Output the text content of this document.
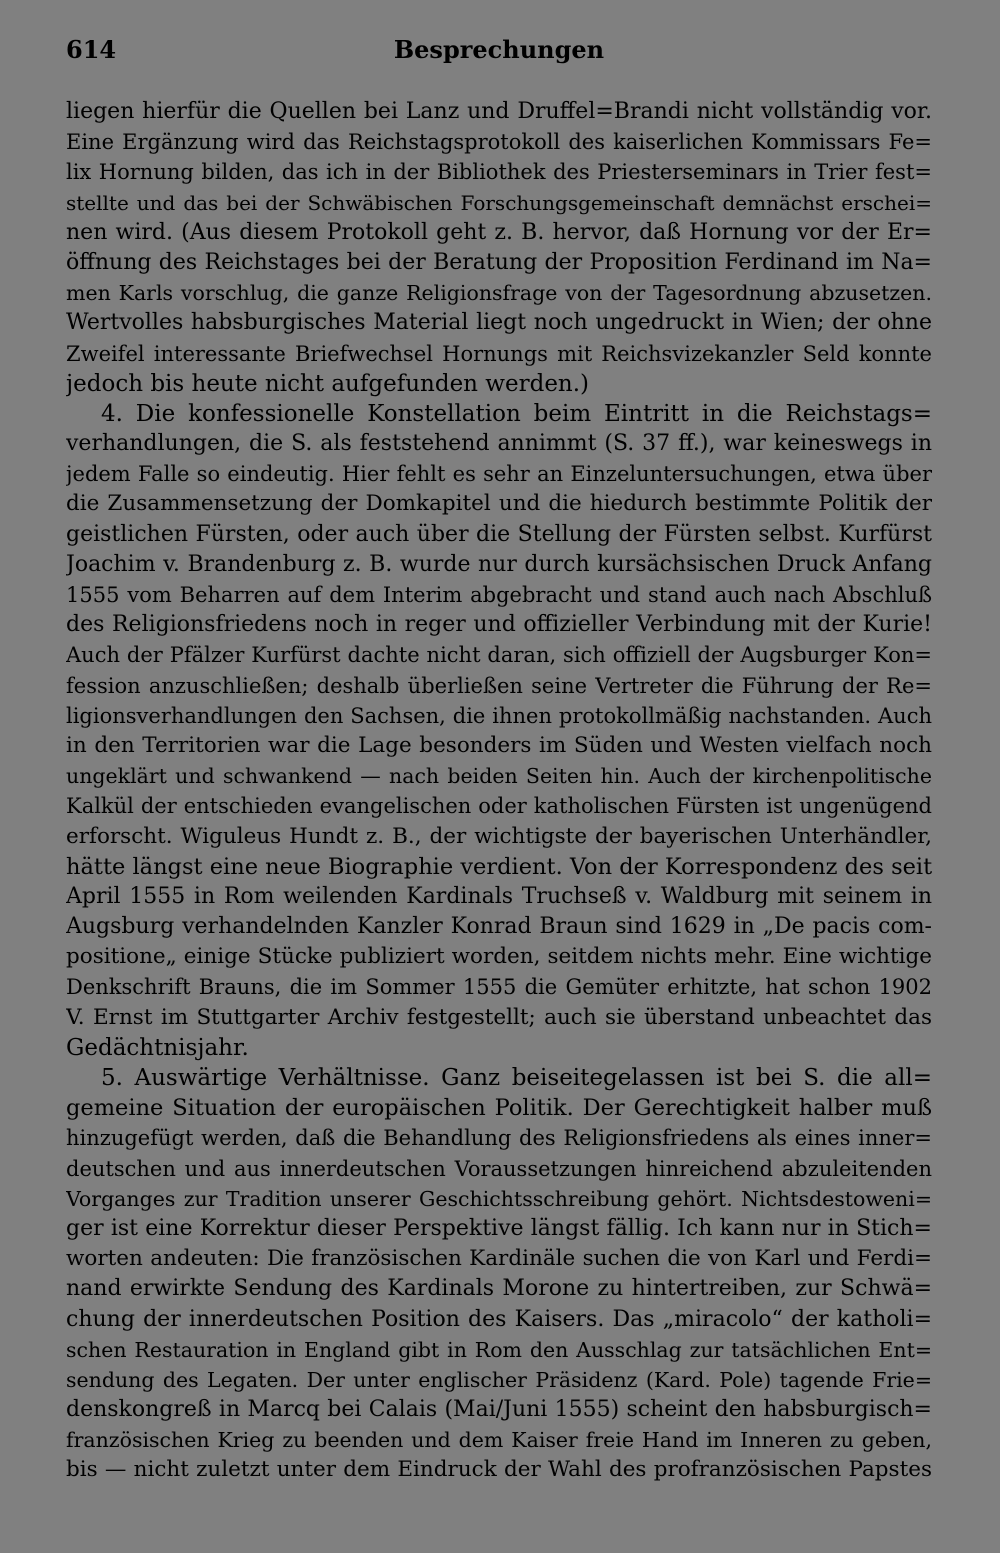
614	Besprechungen
liegen hierfür die Quellen bei Lanz und Druffel=Brandi nicht vollständig vor.
Eine Ergänzung wird das Reichstagsprotokoll des kaiserlichen Kommissars Fe=
lix Hornung bilden, das ich in der Bibliothek des Priesterseminars in Trier fest=
stellte und das bei der Schwäbischen Forschungsgemeinschaft demnächst erschei=
nen wird. (Aus diesem Protokoll geht z. B. hervor, daß Hornung vor der Er=
öffnung des Reichstages bei der Beratung der Proposition Ferdinand im Na=
men Karls vorschlug, die ganze Religionsfrage von der Tagesordnung abzusetzen.
Wertvolles habsburgisches Material liegt noch ungedruckt in Wien; der ohne
Zweifel interessante Briefwechsel Hornungs mit Reichsvizekanzler Seld konnte
jedoch bis heute nicht aufgefunden werden.)
4. Die konfessionelle Konstellation beim Eintritt in die Reichstags=
verhandlungen, die S. als feststehend annimmt (S. 37 ff.), war keineswegs in
jedem Falle so eindeutig. Hier fehlt es sehr an Einzeluntersuchungen, etwa über
die Zusammensetzung der Domkapitel und die hiedurch bestimmte Politik der
geistlichen Fürsten, oder auch über die Stellung der Fürsten selbst. Kurfürst
Joachim v. Brandenburg z. B. wurde nur durch kursächsischen Druck Anfang
1555 vom Beharren auf dem Interim abgebracht und stand auch nach Abschluß
des Religionsfriedens noch in reger und offizieller Verbindung mit der Kurie!
Auch der Pfälzer Kurfürst dachte nicht daran, sich offiziell der Augsburger Kon=
fession anzuschließen; deshalb überließen seine Vertreter die Führung der Re=
ligionsverhandlungen den Sachsen, die ihnen protokollmäßig nachstanden. Auch
in den Territorien war die Lage besonders im Süden und Westen vielfach noch
ungeklärt und schwankend — nach beiden Seiten hin. Auch der kirchenpolitische
Kalkül der entschieden evangelischen oder katholischen Fürsten ist ungenügend
erforscht. Wiguleus Hundt z. B., der wichtigste der bayerischen Unterhändler,
hätte längst eine neue Biographie verdient. Von der Korrespondenz des seit
April 1555 in Rom weilenden Kardinals Truchseß v. Waldburg mit seinem in
Augsburg verhandelnden Kanzler Konrad Braun sind 1629 in „De pacis com-
positione„ einige Stücke publiziert worden, seitdem nichts mehr. Eine wichtige
Denkschrift Brauns, die im Sommer 1555 die Gemüter erhitzte, hat schon 1902
V. Ernst im Stuttgarter Archiv festgestellt; auch sie überstand unbeachtet das
Gedächtnisjahr.
5. Auswärtige Verhältnisse. Ganz beiseitegelassen ist bei S. die all=
gemeine Situation der europäischen Politik. Der Gerechtigkeit halber muß
hinzugefügt werden, daß die Behandlung des Religionsfriedens als eines inner=
deutschen und aus innerdeutschen Voraussetzungen hinreichend abzuleitenden
Vorganges zur Tradition unserer Geschichtsschreibung gehört. Nichtsdestoweni=
ger ist eine Korrektur dieser Perspektive längst fällig. Ich kann nur in Stich=
worten andeuten: Die französischen Kardinäle suchen die von Karl und Ferdi=
nand erwirkte Sendung des Kardinals Morone zu hintertreiben, zur Schwä=
chung der innerdeutschen Position des Kaisers. Das „miracolo“ der katholi=
schen Restauration in England gibt in Rom den Ausschlag zur tatsächlichen Ent=
sendung des Legaten. Der unter englischer Präsidenz (Kard. Pole) tagende Frie=
denskongreß in Marcq bei Calais (Mai/Juni 1555) scheint den habsburgisch=
französischen Krieg zu beenden und dem Kaiser freie Hand im Inneren zu geben,
bis — nicht zuletzt unter dem Eindruck der Wahl des profranzösischen Papstes
